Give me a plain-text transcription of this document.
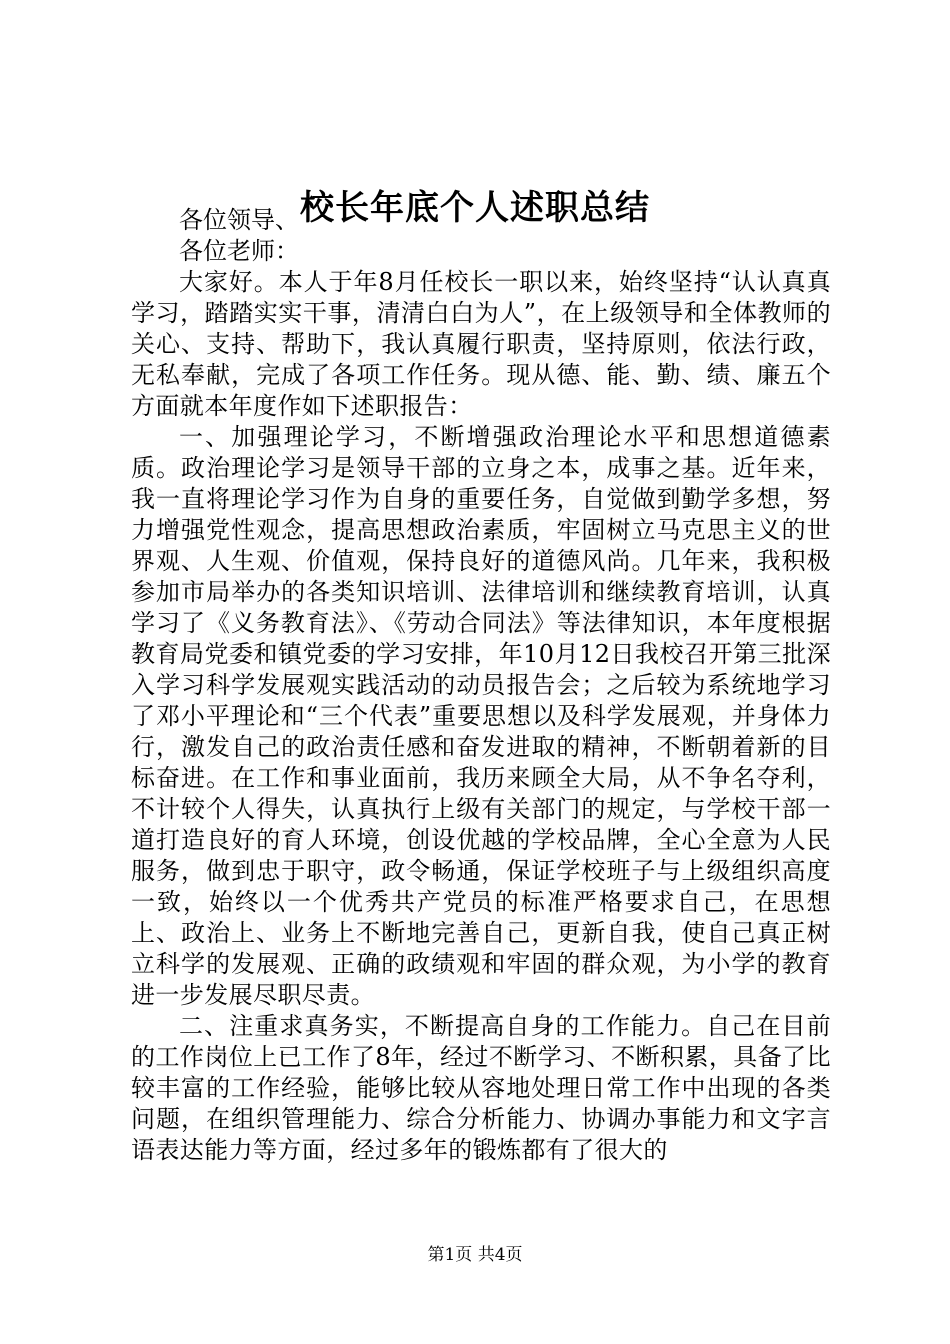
校长年底个人述职总结
各位领导、
各位老师：

大家好。本人于年8月任校长一职以来，始终坚持“认认真真学习，踏踏实实干事，清清白白为人”，在上级领导和全体教师的关心、支持、帮助下，我认真履行职责，坚持原则，依法行政，无私奉献，完成了各项工作任务。现从德、能、勤、绩、廉五个方面就本年度作如下述职报告：

一、加强理论学习，不断增强政治理论水平和思想道德素质。政治理论学习是领导干部的立身之本，成事之基。近年来，我一直将理论学习作为自身的重要任务，自觉做到勤学多想，努力增强党性观念，提高思想政治素质，牢固树立马克思主义的世界观、人生观、价值观，保持良好的道德风尚。几年来，我积极参加市局举办的各类知识培训、法律培训和继续教育培训，认真学习了《义务教育法》、《劳动合同法》等法律知识，本年度根据教育局党委和镇党委的学习安排，年10月12日我校召开第三批深入学习科学发展观实践活动的动员报告会；之后较为系统地学习了邓小平理论和“三个代表”重要思想以及科学发展观，并身体力行，激发自己的政治责任感和奋发进取的精神，不断朝着新的目标奋进。在工作和事业面前，我历来顾全大局，从不争名夺利，不计较个人得失，认真执行上级有关部门的规定，与学校干部一道打造良好的育人环境，创设优越的学校品牌，全心全意为人民服务，做到忠于职守，政令畅通，保证学校班子与上级组织高度一致，始终以一个优秀共产党员的标准严格要求自己，在思想上、政治上、业务上不断地完善自己，更新自我，使自己真正树立科学的发展观、正确的政绩观和牢固的群众观，为小学的教育进一步发展尽职尽责。

二、注重求真务实，不断提高自身的工作能力。自己在目前的工作岗位上已工作了8年，经过不断学习、不断积累，具备了比较丰富的工作经验，能够比较从容地处理日常工作中出现的各类问题，在组织管理能力、综合分析能力、协调办事能力和文字言语表达能力等方面，经过多年的锻炼都有了很大的

第1页 共4页
